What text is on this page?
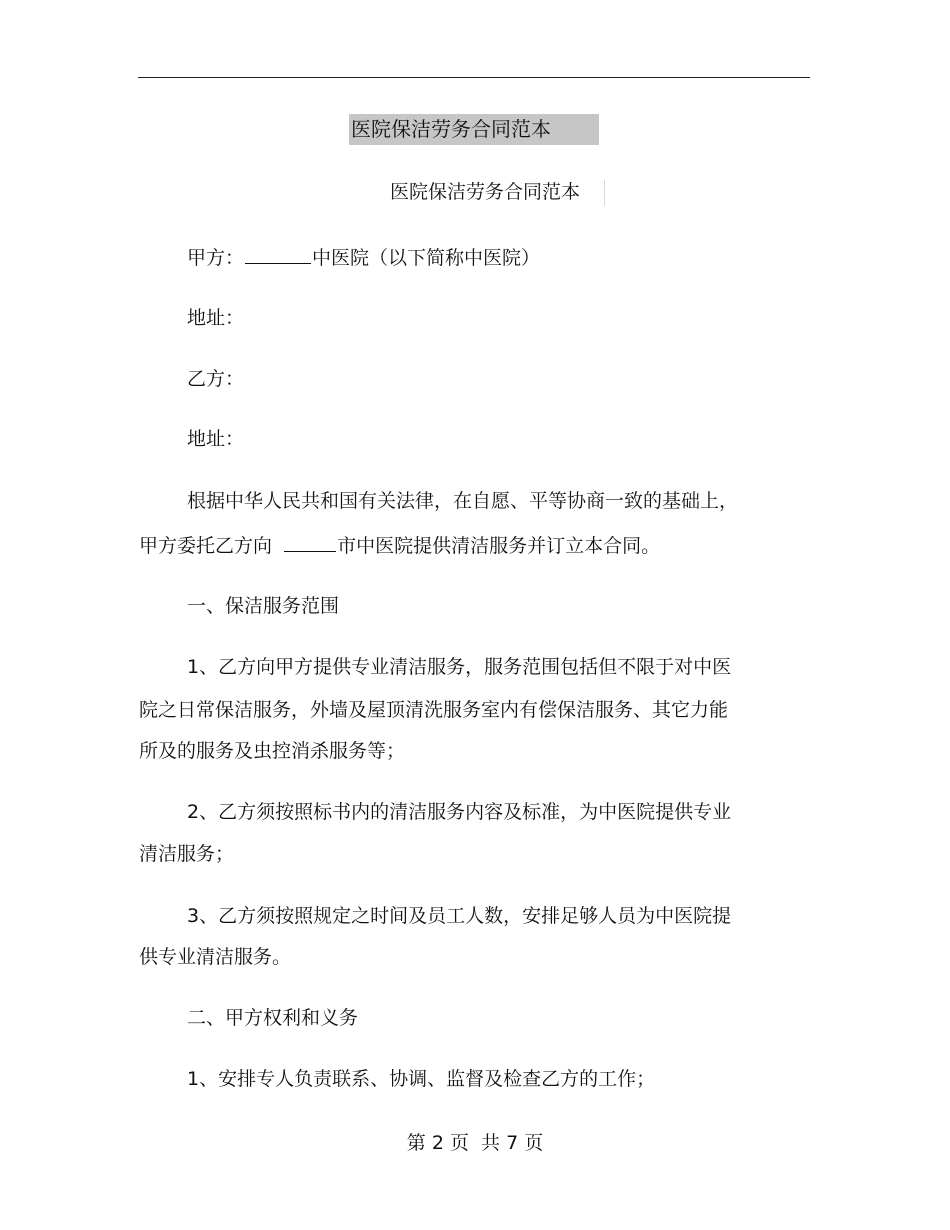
医院保洁劳务合同范本
医院保洁劳务合同范本
甲方：	中医院（以下简称中医院）
地址：
乙方：
地址：
根据中华人民共和国有关法律，在自愿、平等协商一致的基础上，
甲方委托乙方向	市中医院提供清洁服务并订立本合同。
一、保洁服务范围
1、乙方向甲方提供专业清洁服务，服务范围包括但不限于对中医
院之日常保洁服务，外墙及屋顶清洗服务室内有偿保洁服务、其它力能
所及的服务及虫控消杀服务等；
2、乙方须按照标书内的清洁服务内容及标准，为中医院提供专业
清洁服务；
3、乙方须按照规定之时间及员工人数，安排足够人员为中医院提
供专业清洁服务。
二、甲方权利和义务
1、安排专人负责联系、协调、监督及检查乙方的工作；
第 2 页  共 7 页
